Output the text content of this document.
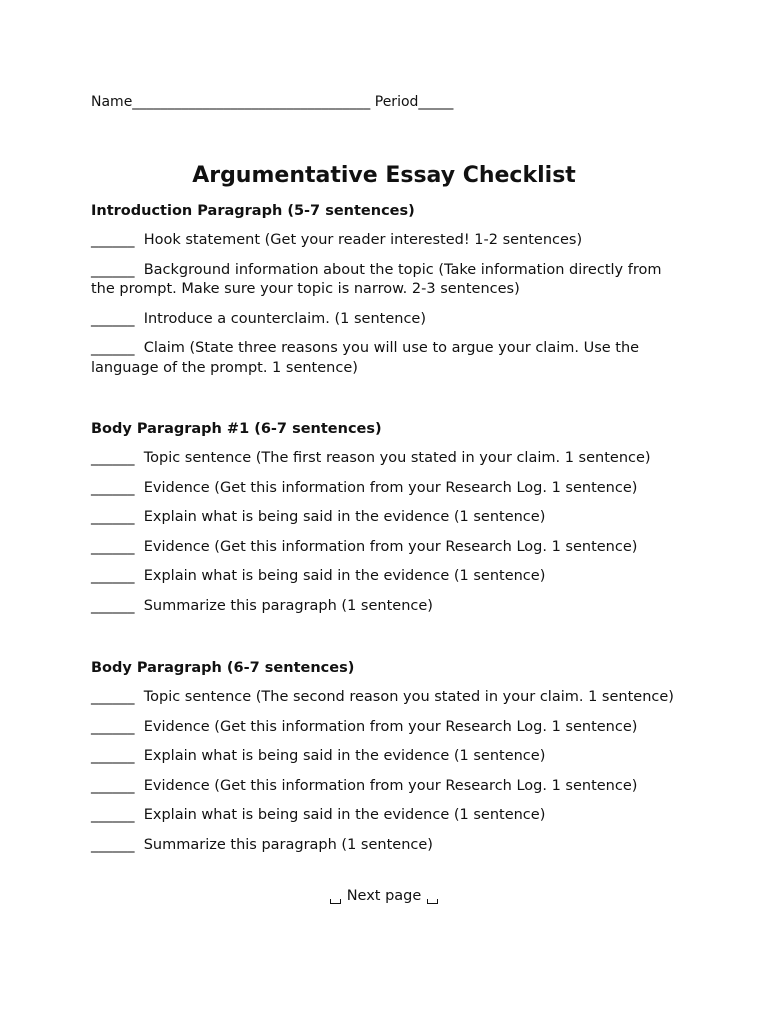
Name__________________________________ Period_____

Argumentative Essay Checklist

Introduction Paragraph (5-7 sentences)

______ Hook statement (Get your reader interested! 1-2 sentences)

______ Background information about the topic (Take information directly from the prompt. Make sure your topic is narrow. 2-3 sentences)

______ Introduce a counterclaim. (1 sentence)

______ Claim (State three reasons you will use to argue your claim. Use the language of the prompt. 1 sentence)

Body Paragraph #1 (6-7 sentences)

______ Topic sentence (The first reason you stated in your claim. 1 sentence)

______ Evidence (Get this information from your Research Log. 1 sentence)

______ Explain what is being said in the evidence (1 sentence)

______ Evidence (Get this information from your Research Log. 1 sentence)

______ Explain what is being said in the evidence (1 sentence)

______ Summarize this paragraph (1 sentence)

Body Paragraph (6-7 sentences)

______ Topic sentence (The second reason you stated in your claim. 1 sentence)

______ Evidence (Get this information from your Research Log. 1 sentence)

______ Explain what is being said in the evidence (1 sentence)

______ Evidence (Get this information from your Research Log. 1 sentence)

______ Explain what is being said in the evidence (1 sentence)

______ Summarize this paragraph (1 sentence)

Next page
